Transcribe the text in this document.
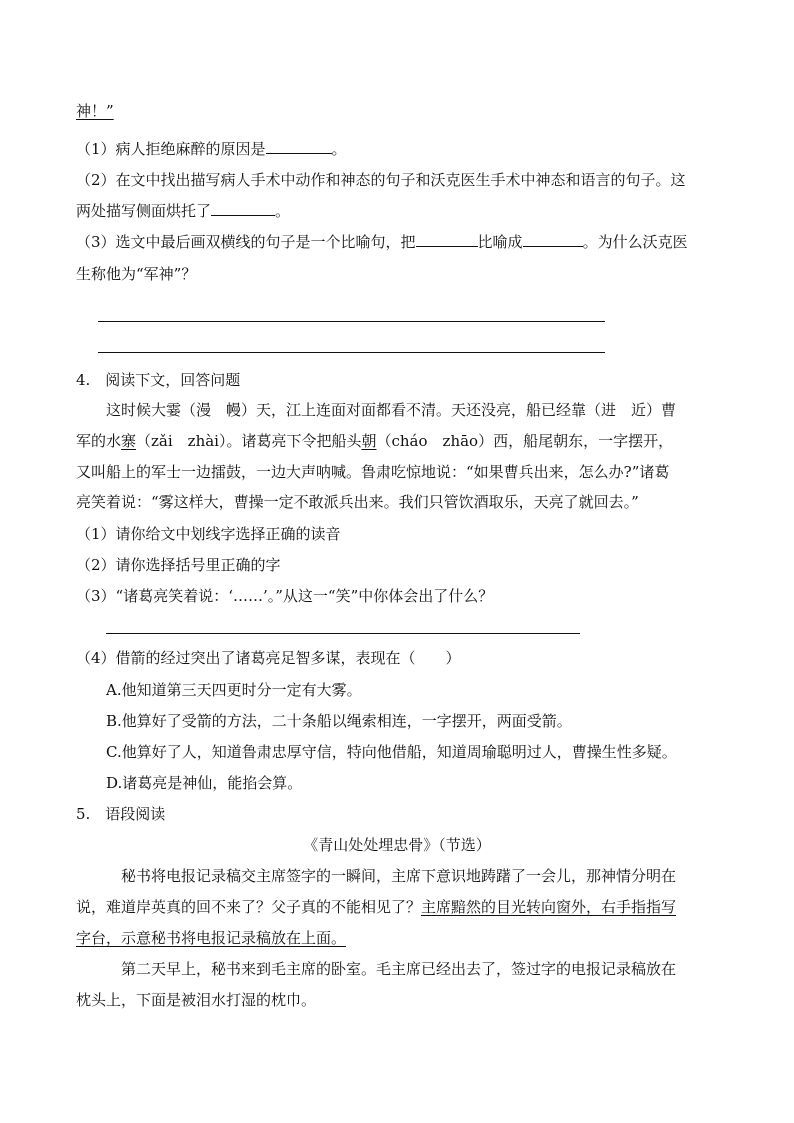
神！”
（1）病人拒绝麻醉的原因是	。
（2）在文中找出描写病人手术中动作和神态的句子和沃克医生手术中神态和语言的句子。这
两处描写侧面烘托了	。
（3）选文中最后画双横线的句子是一个比喻句，把	比喻成	。为什么沃克医
生称他为“军神”？
4.　阅读下文，回答问题
这时候大霎（漫　幔）天，江上连面对面都看不清。天还没亮，船已经靠（进　近）曹
军的水寨（zǎi　zhài）。诸葛亮下令把船头朝（cháo　zhāo）西，船尾朝东，一字摆开，
又叫船上的军士一边擂鼓，一边大声呐喊。鲁肃吃惊地说：“如果曹兵出来，怎么办?”诸葛
亮笑着说：“雾这样大，曹操一定不敢派兵出来。我们只管饮酒取乐，天亮了就回去。”
（1）请你给文中划线字选择正确的读音
（2）请你选择括号里正确的字
（3）“诸葛亮笑着说：‘……’。”从这一“笑”中你体会出了什么？
（4）借箭的经过突出了诸葛亮足智多谋，表现在（　　）
A.他知道第三天四更时分一定有大雾。
B.他算好了受箭的方法，二十条船以绳索相连，一字摆开，两面受箭。
C.他算好了人，知道鲁肃忠厚守信，特向他借船，知道周瑜聪明过人，曹操生性多疑。
D.诸葛亮是神仙，能掐会算。
5.　语段阅读
《青山处处埋忠骨》（节选）
秘书将电报记录稿交主席签字的一瞬间，主席下意识地踌躇了一会儿，那神情分明在
说，难道岸英真的回不来了？父子真的不能相见了？主席黯然的目光转向窗外，右手指指写
字台，示意秘书将电报记录稿放在上面。
第二天早上，秘书来到毛主席的卧室。毛主席已经出去了，签过字的电报记录稿放在
枕头上，下面是被泪水打湿的枕巾。
